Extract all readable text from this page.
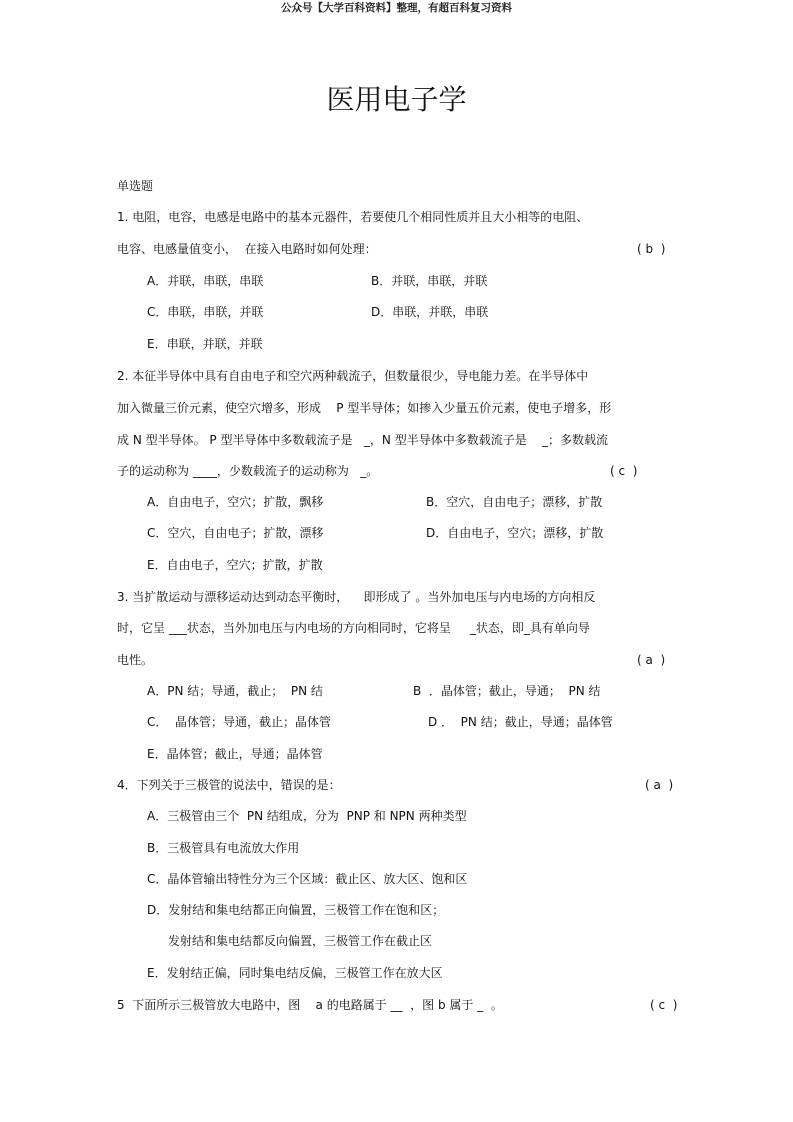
公众号【大学百科资料】整理，有超百科复习资料
医用电子学
单选题
1. 电阻，电容，电感是电路中的基本元器件，若要使几个相同性质并且大小相等的电阻、
电容、电感量值变小，  在接入电路时如何处理：	( b  )
A．并联，串联，串联	B．并联，串联，并联
C．串联，串联，并联	D．串联，并联，串联
E．串联，并联，并联
2. 本征半导体中具有自由电子和空穴两种载流子，但数量很少，导电能力差。在半导体中
加入微量三价元素，使空穴增多，形成    P 型半导体；如掺入少量五价元素，使电子增多，形
成 N 型半导体。 P 型半导体中多数载流子是   _，N 型半导体中多数载流子是    _；多数载流
子的运动称为 ____，少数载流子的运动称为   _。	( c  )
A．自由电子，空穴；扩散，飘移	B．空穴，自由电子；漂移，扩散
C．空穴，自由电子；扩散，漂移	D．自由电子，空穴；漂移，扩散
E．自由电子，空穴；扩散，扩散
3. 当扩散运动与漂移运动达到动态平衡时，    即形成了 。当外加电压与内电场的方向相反
时，它呈 ___状态，当外加电压与内电场的方向相同时，它将呈     _状态，即_具有单向导
电性。	( a  )
A．PN 结；导通，截止；  PN 结	B  ．晶体管；截止，导通；  PN 结
C．  晶体管；导通，截止；晶体管	D ．  PN 结；截止，导通；晶体管
E．晶体管；截止，导通；晶体管
4．下列关于三极管的说法中，错误的是：	( a  )
A．三极管由三个  PN 结组成，分为  PNP 和 NPN 两种类型
B．三极管具有电流放大作用
C．晶体管输出特性分为三个区域：截止区、放大区、饱和区
D．发射结和集电结都正向偏置，三极管工作在饱和区；
发射结和集电结都反向偏置，三极管工作在截止区
E．发射结正偏，同时集电结反偏，三极管工作在放大区
5  下面所示三极管放大电路中，图    a 的电路属于 __  ，图 b 属于 _  。	( c  )
